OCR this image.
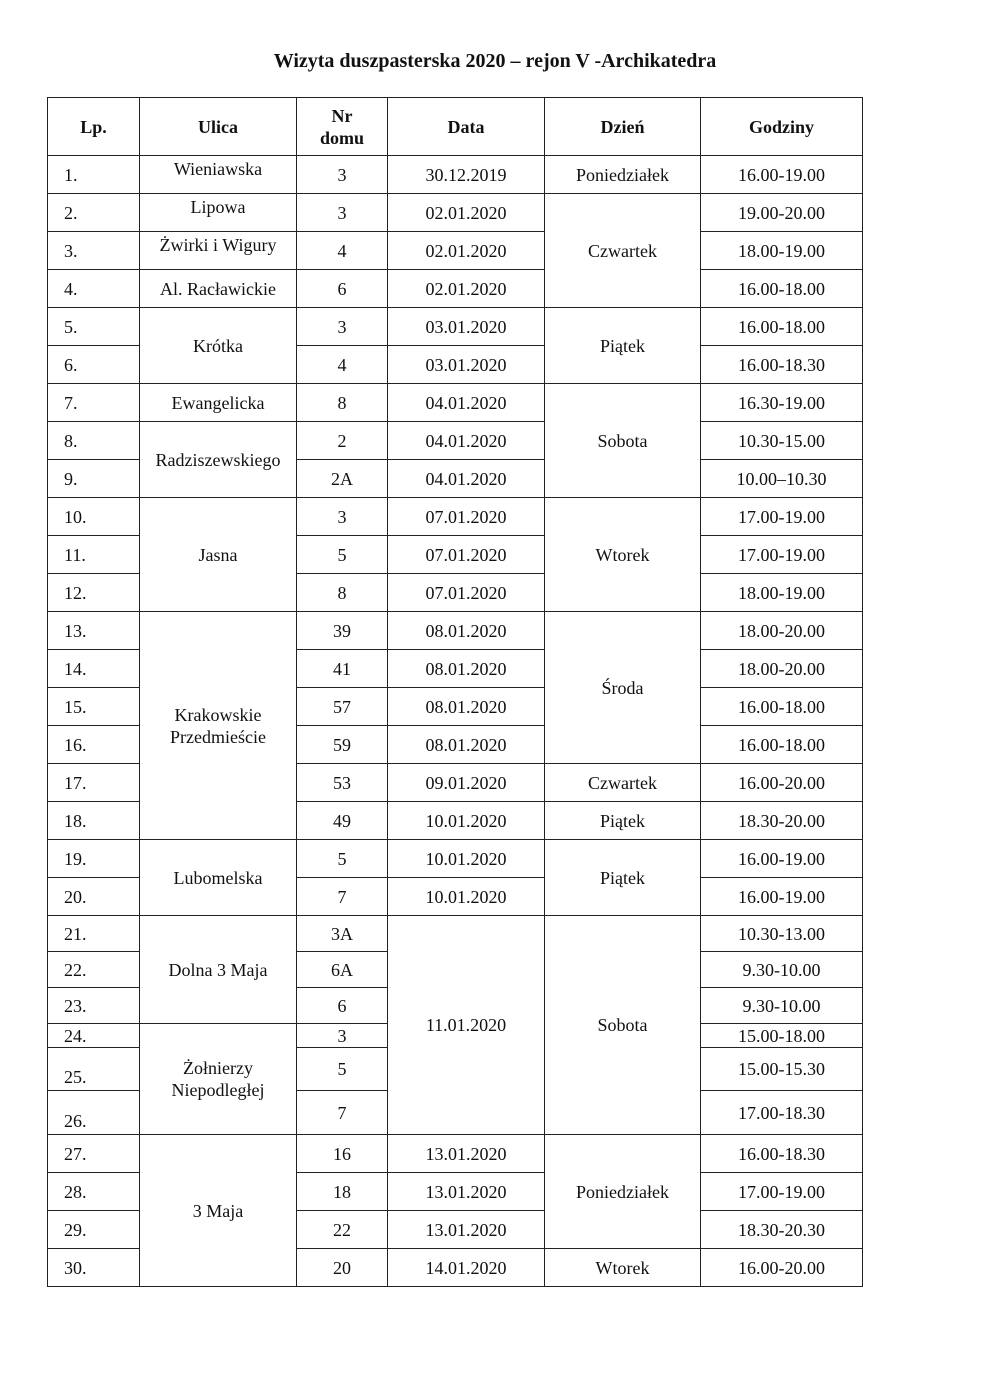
Wizyta duszpasterska 2020 – rejon V -Archikatedra
Lp.	Ulica	Nr domu	Data	Dzień	Godziny
1.	Wieniawska	3	30.12.2019	Poniedziałek	16.00-19.00
2.	Lipowa	3	02.01.2020	Czwartek	19.00-20.00
3.	Żwirki i Wigury	4	02.01.2020		18.00-19.00
4.	Al. Racławickie	6	02.01.2020		16.00-18.00
5.	Krótka	3	03.01.2020	Piątek	16.00-18.00
6.		4	03.01.2020		16.00-18.30
7.	Ewangelicka	8	04.01.2020	Sobota	16.30-19.00
8.	Radziszewskiego	2	04.01.2020		10.30-15.00
9.		2A	04.01.2020		10.00–10.30
10.	Jasna	3	07.01.2020	Wtorek	17.00-19.00
11.		5	07.01.2020		17.00-19.00
12.		8	07.01.2020		18.00-19.00
13.	Krakowskie Przedmieście	39	08.01.2020	Środa	18.00-20.00
14.		41	08.01.2020		18.00-20.00
15.		57	08.01.2020		16.00-18.00
16.		59	08.01.2020		16.00-18.00
17.		53	09.01.2020	Czwartek	16.00-20.00
18.		49	10.01.2020	Piątek	18.30-20.00
19.	Lubomelska	5	10.01.2020	Piątek	16.00-19.00
20.		7	10.01.2020		16.00-19.00
21.	Dolna 3 Maja	3A	11.01.2020	Sobota	10.30-13.00
22.		6A			9.30-10.00
23.		6			9.30-10.00
24.	Żołnierzy Niepodległej	3			15.00-18.00
25.		5			15.00-15.30
26.		7			17.00-18.30
27.	3 Maja	16	13.01.2020	Poniedziałek	16.00-18.30
28.		18	13.01.2020		17.00-19.00
29.		22	13.01.2020		18.30-20.30
30.		20	14.01.2020	Wtorek	16.00-20.00
